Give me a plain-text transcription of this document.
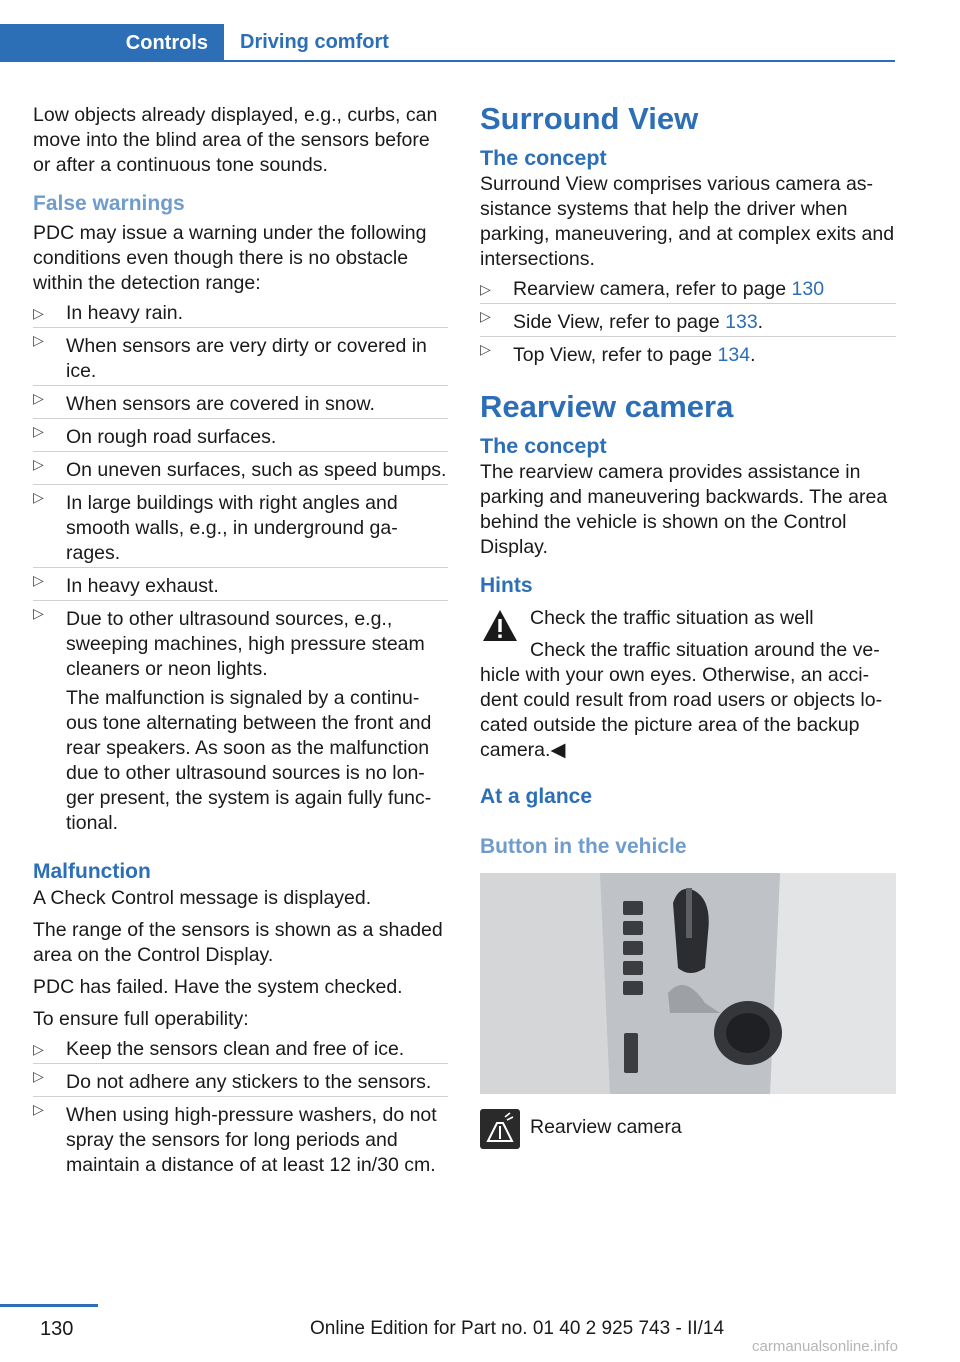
Controls	Driving comfort

Low objects already displayed, e.g., curbs, can move into the blind area of the sensors before or after a continuous tone sounds.

False warnings

PDC may issue a warning under the following conditions even though there is no obstacle within the detection range:

▷ In heavy rain.
▷ When sensors are very dirty or covered in ice.
▷ When sensors are covered in snow.
▷ On rough road surfaces.
▷ On uneven surfaces, such as speed bumps.
▷ In large buildings with right angles and smooth walls, e.g., in underground ga‐ rages.
▷ In heavy exhaust.
▷ Due to other ultrasound sources, e.g., sweeping machines, high pressure steam cleaners or neon lights.

The malfunction is signaled by a continu‐ ous tone alternating between the front and rear speakers. As soon as the malfunction due to other ultrasound sources is no lon‐ ger present, the system is again fully func‐ tional.

Malfunction

A Check Control message is displayed.

The range of the sensors is shown as a shaded area on the Control Display.

PDC has failed. Have the system checked.

To ensure full operability:

▷ Keep the sensors clean and free of ice.
▷ Do not adhere any stickers to the sensors.
▷ When using high-pressure washers, do not spray the sensors for long periods and maintain a distance of at least 12 in/30 cm.
Surround View
The concept

Surround View comprises various camera as‐ sistance systems that help the driver when parking, maneuvering, and at complex exits and intersections.

▷ Rearview camera, refer to page 130
▷ Side View, refer to page 133.
▷ Top View, refer to page 134.
Rearview camera
The concept

The rearview camera provides assistance in parking and maneuvering backwards. The area behind the vehicle is shown on the Control Display.

Hints

Check the traffic situation as well

Check the traffic situation around the ve‐

hicle with your own eyes. Otherwise, an acci‐ dent could result from road users or objects lo‐ cated outside the picture area of the backup camera.◀

At a glance
Button in the vehicle

Rearview camera

130	Online Edition for Part no. 01 40 2 925 743 - II/14
carmanualsonline.info
